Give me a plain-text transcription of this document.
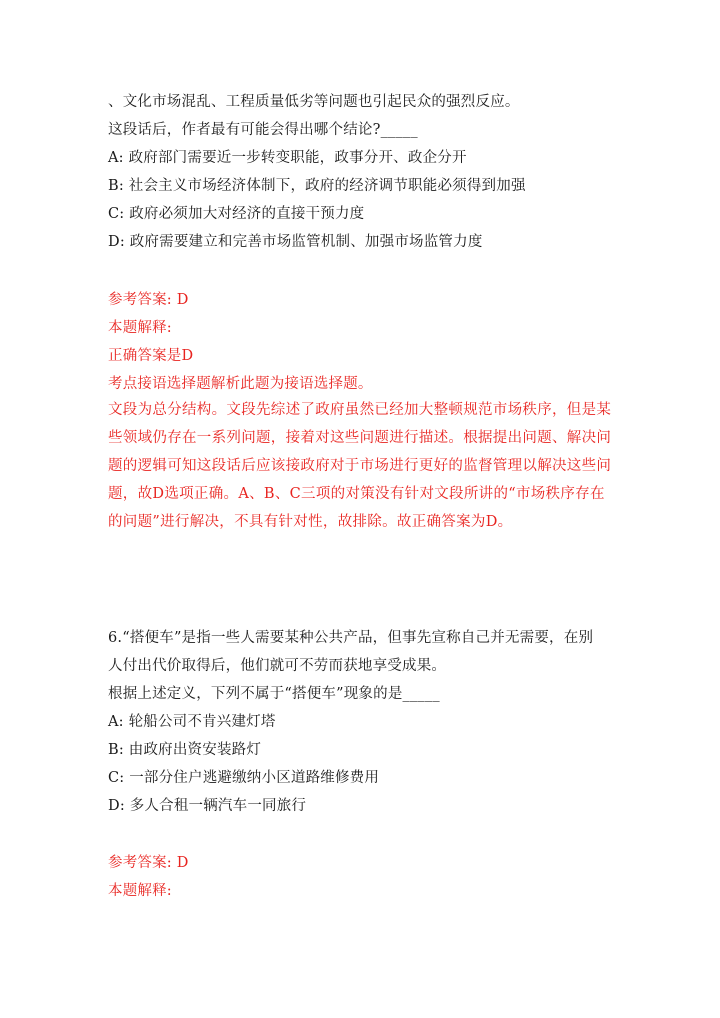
、文化市场混乱、工程质量低劣等问题也引起民众的强烈反应。
这段话后，作者最有可能会得出哪个结论?_____
A: 政府部门需要近一步转变职能，政事分开、政企分开
B: 社会主义市场经济体制下，政府的经济调节职能必须得到加强
C: 政府必须加大对经济的直接干预力度
D: 政府需要建立和完善市场监管机制、加强市场监管力度
参考答案: D
本题解释:
正确答案是D
考点接语选择题解析此题为接语选择题。
文段为总分结构。文段先综述了政府虽然已经加大整顿规范市场秩序，但是某
些领域仍存在一系列问题，接着对这些问题进行描述。根据提出问题、解决问
题的逻辑可知这段话后应该接政府对于市场进行更好的监督管理以解决这些问
题，故D选项正确。A、B、C三项的对策没有针对文段所讲的“市场秩序存在
的问题”进行解决，不具有针对性，故排除。故正确答案为D。
6.“搭便车”是指一些人需要某种公共产品，但事先宣称自己并无需要，在别
人付出代价取得后，他们就可不劳而获地享受成果。
根据上述定义，下列不属于“搭便车”现象的是_____
A: 轮船公司不肯兴建灯塔
B: 由政府出资安装路灯
C: 一部分住户逃避缴纳小区道路维修费用
D: 多人合租一辆汽车一同旅行
参考答案: D
本题解释:
